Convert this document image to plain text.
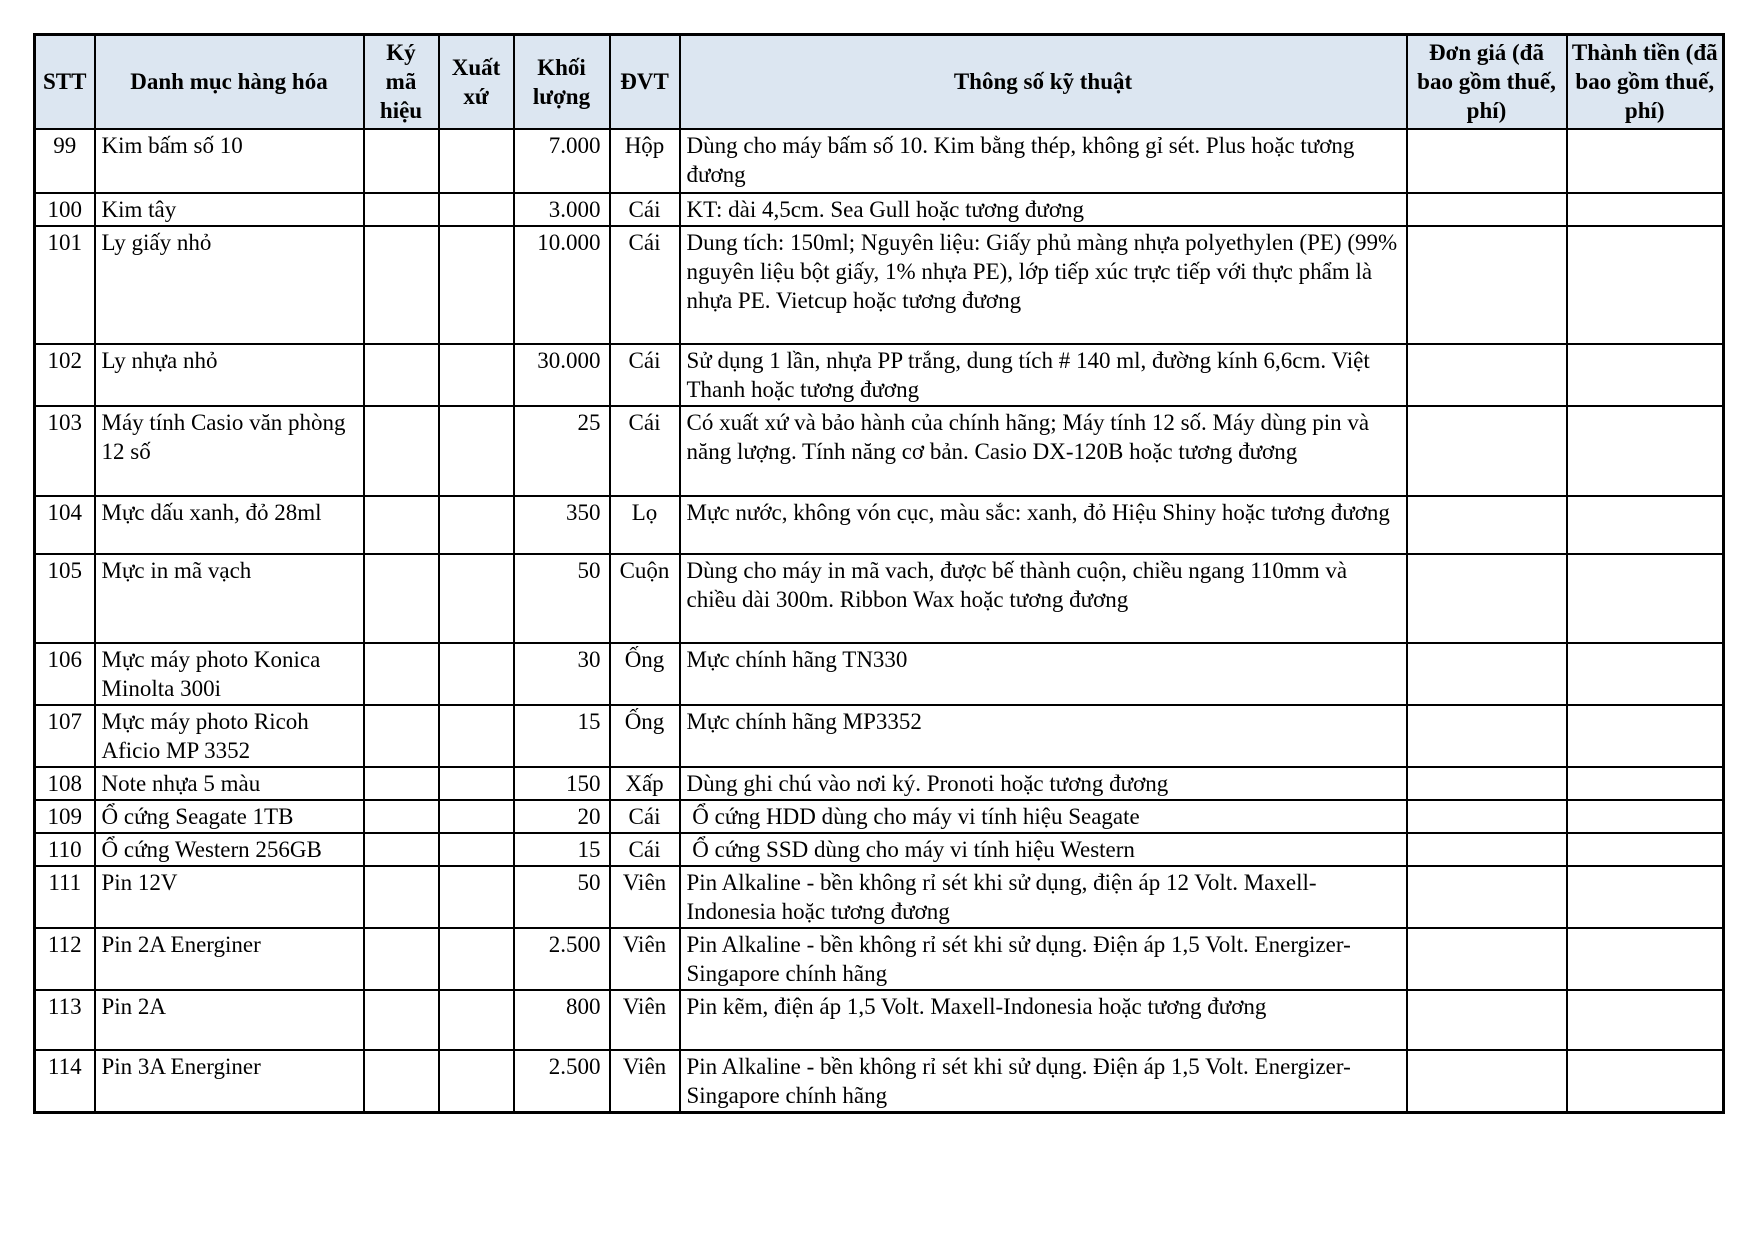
STT	Danh mục hàng hóa	Ký mã hiệu	Xuất xứ	Khối lượng	ĐVT	Thông số kỹ thuật	Đơn giá (đã bao gồm thuế, phí)	Thành tiền (đã bao gồm thuế, phí)
99	Kim bấm số 10			7.000	Hộp	Dùng cho máy bấm số 10. Kim bằng thép, không gỉ sét. Plus hoặc tương đương		
100	Kim tây			3.000	Cái	KT: dài 4,5cm. Sea Gull hoặc tương đương		
101	Ly giấy nhỏ			10.000	Cái	Dung tích: 150ml; Nguyên liệu: Giấy phủ màng nhựa polyethylen (PE) (99% nguyên liệu bột giấy, 1% nhựa PE), lớp tiếp xúc trực tiếp với thực phẩm là nhựa PE. Vietcup hoặc tương đương		
102	Ly nhựa nhỏ			30.000	Cái	Sử dụng 1 lần, nhựa PP trắng, dung tích # 140 ml, đường kính 6,6cm. Việt Thanh hoặc tương đương		
103	Máy tính Casio văn phòng 12 số			25	Cái	Có xuất xứ và bảo hành của chính hãng; Máy tính 12 số. Máy dùng pin và năng lượng. Tính năng cơ bản. Casio DX-120B hoặc tương đương		
104	Mực dấu xanh, đỏ 28ml			350	Lọ	Mực nước, không vón cục, màu sắc: xanh, đỏ Hiệu Shiny hoặc tương đương		
105	Mực in mã vạch			50	Cuộn	Dùng cho máy in mã vach, được bế thành cuộn, chiều ngang 110mm và chiều dài 300m. Ribbon Wax hoặc tương đương		
106	Mực máy photo Konica Minolta 300i			30	Ống	Mực chính hãng TN330		
107	Mực máy photo Ricoh Aficio MP 3352			15	Ống	Mực chính hãng MP3352		
108	Note nhựa 5 màu			150	Xấp	Dùng ghi chú vào nơi ký. Pronoti hoặc tương đương		
109	Ổ cứng Seagate 1TB			20	Cái	Ổ cứng HDD dùng cho máy vi tính hiệu Seagate		
110	Ổ cứng Western 256GB			15	Cái	Ổ cứng SSD dùng cho máy vi tính hiệu Western		
111	Pin 12V			50	Viên	Pin Alkaline - bền không rỉ sét khi sử dụng, điện áp 12 Volt. Maxell-Indonesia hoặc tương đương		
112	Pin 2A Energiner			2.500	Viên	Pin Alkaline - bền không rỉ sét khi sử dụng. Điện áp 1,5 Volt. Energizer-Singapore chính hãng		
113	Pin 2A			800	Viên	Pin kẽm, điện áp 1,5 Volt. Maxell-Indonesia hoặc tương đương		
114	Pin 3A Energiner			2.500	Viên	Pin Alkaline - bền không rỉ sét khi sử dụng. Điện áp 1,5 Volt. Energizer-Singapore chính hãng		
